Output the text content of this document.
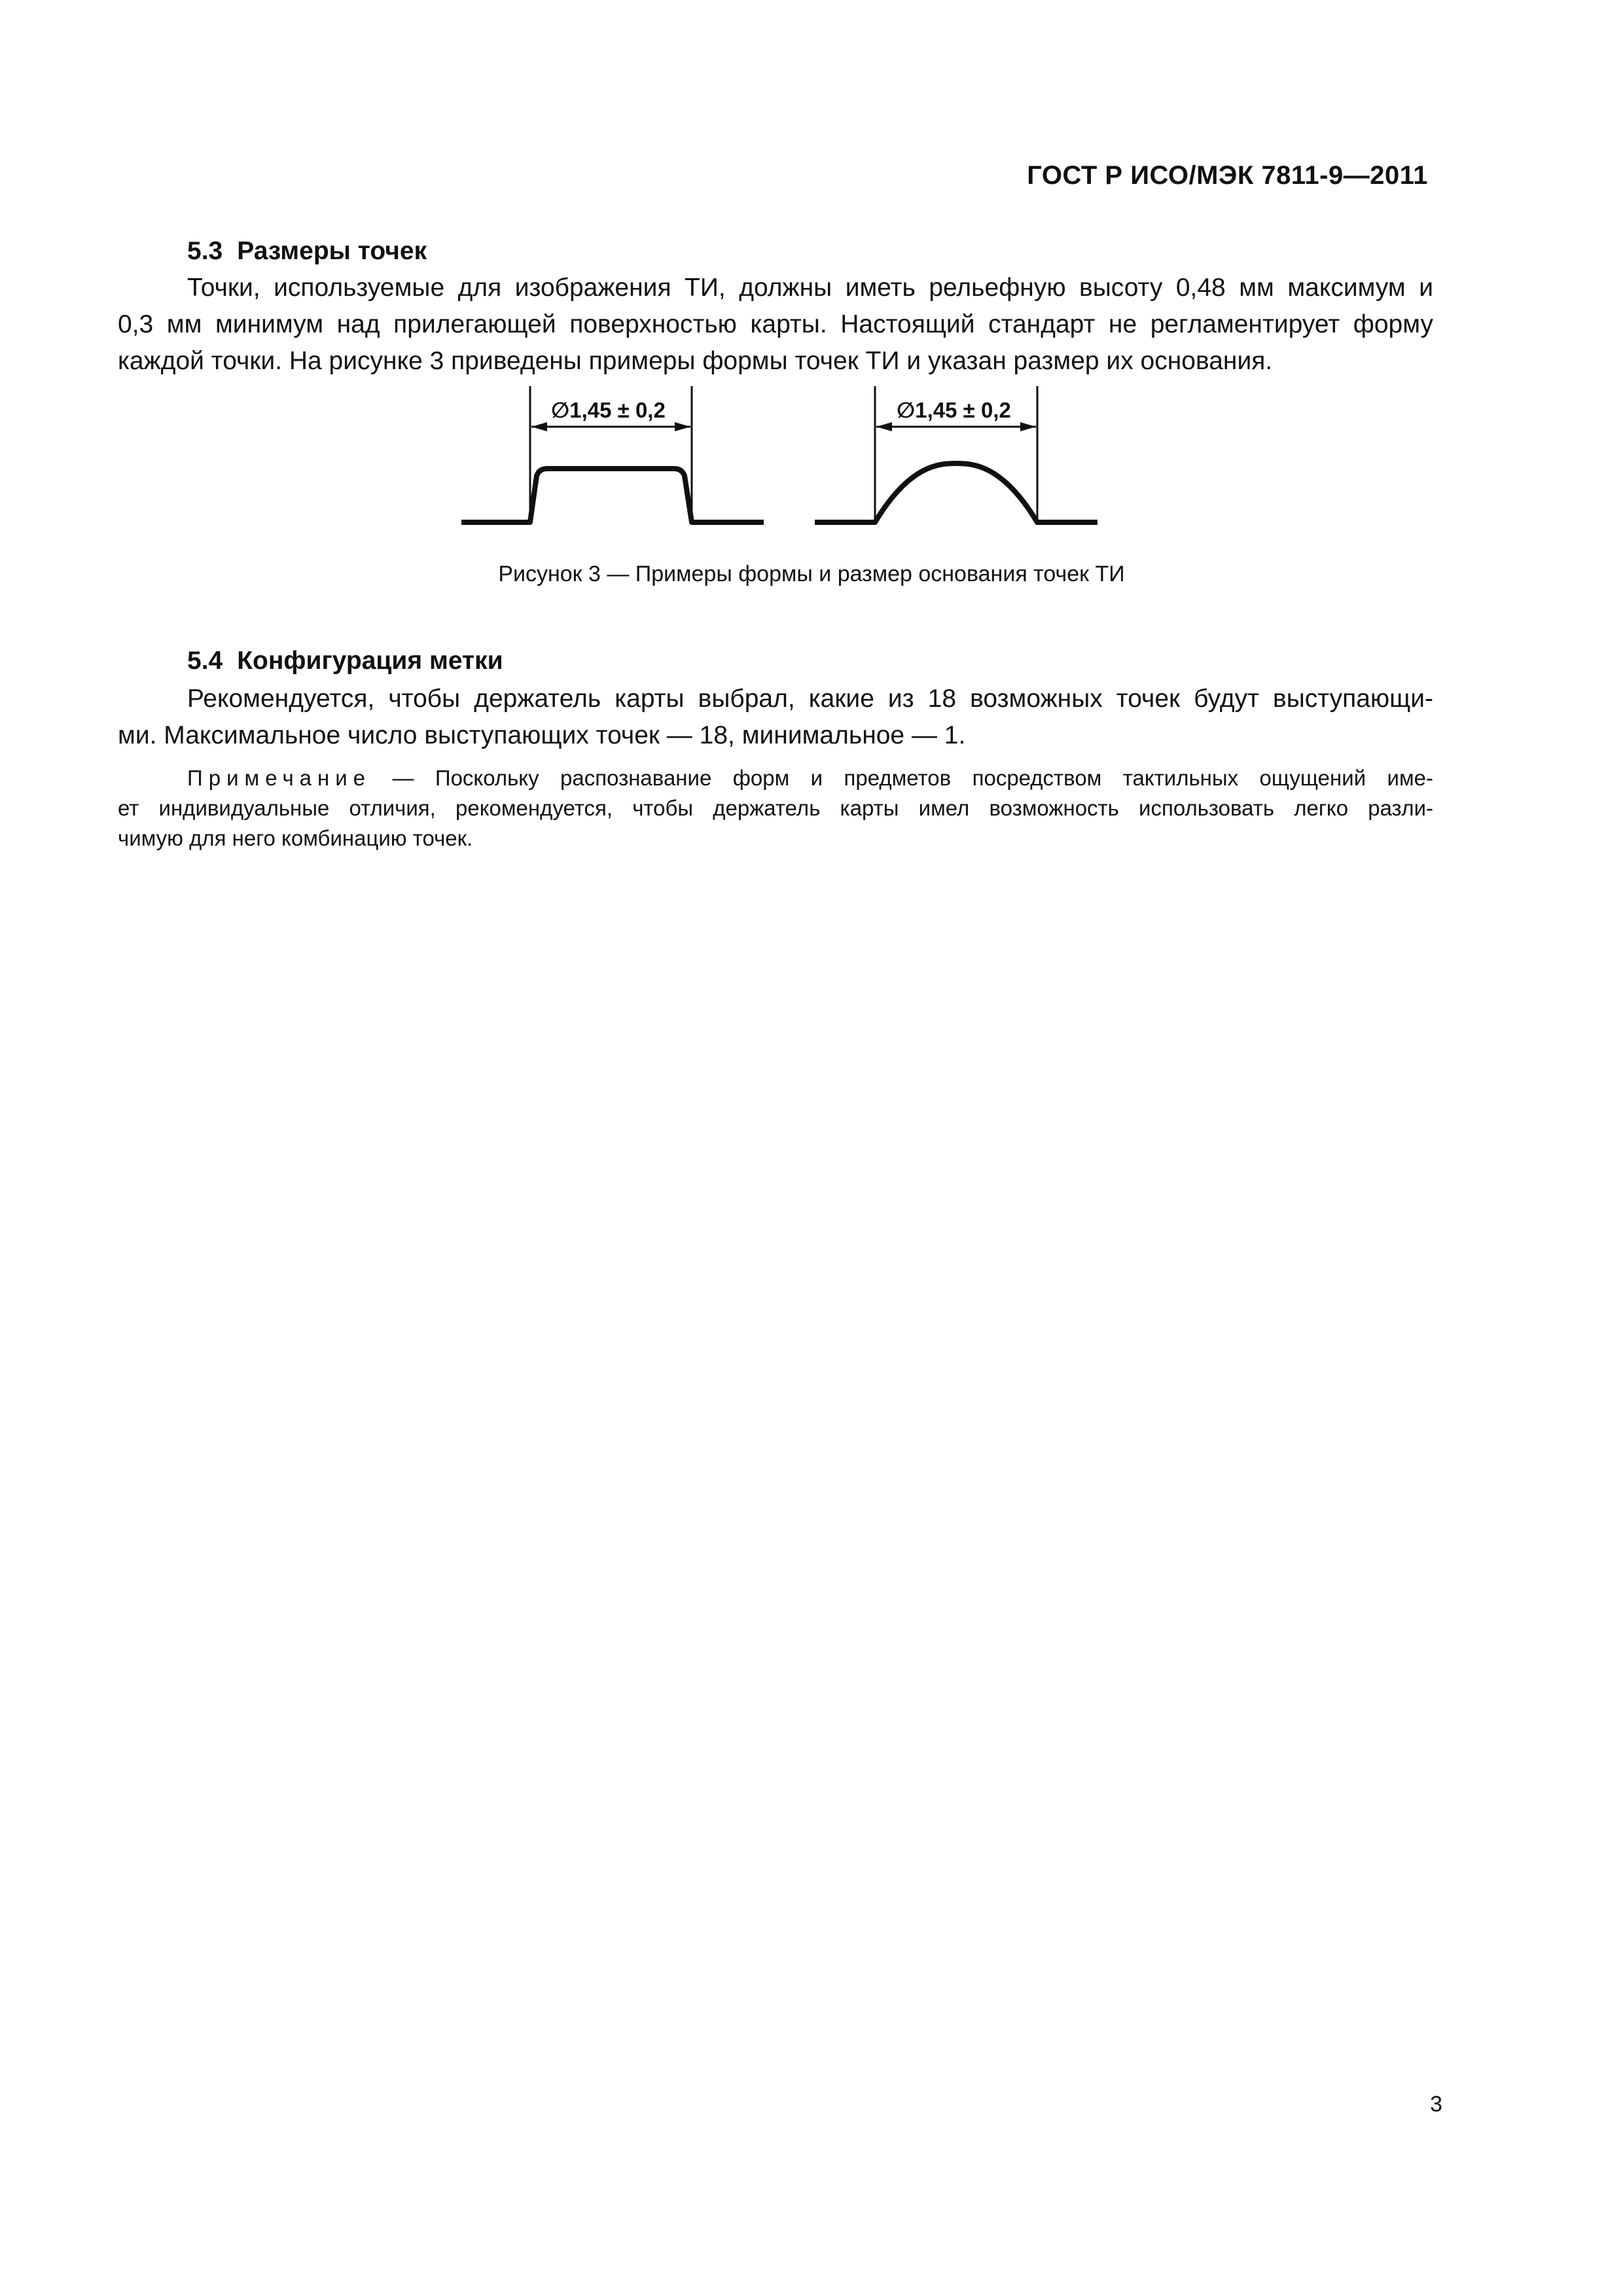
ГОСТ Р ИСО/МЭК 7811-9—2011
5.3 Размеры точек
Точки, используемые для изображения ТИ, должны иметь рельефную высоту 0,48 мм максимум и
0,3 мм минимум над прилегающей поверхностью карты. Настоящий стандарт не регламентирует форму
каждой точки. На рисунке 3 приведены примеры формы точек ТИ и указан размер их основания.
∅1,45 ± 0,2	∅1,45 ± 0,2
Рисунок 3 — Примеры формы и размер основания точек ТИ
5.4 Конфигурация метки
Рекомендуется, чтобы держатель карты выбрал, какие из 18 возможных точек будут выступающи-
ми. Максимальное число выступающих точек — 18, минимальное — 1.
Примечание — Поскольку распознавание форм и предметов посредством тактильных ощущений име-
ет индивидуальные отличия, рекомендуется, чтобы держатель карты имел возможность использовать легко разли-
чимую для него комбинацию точек.
3
